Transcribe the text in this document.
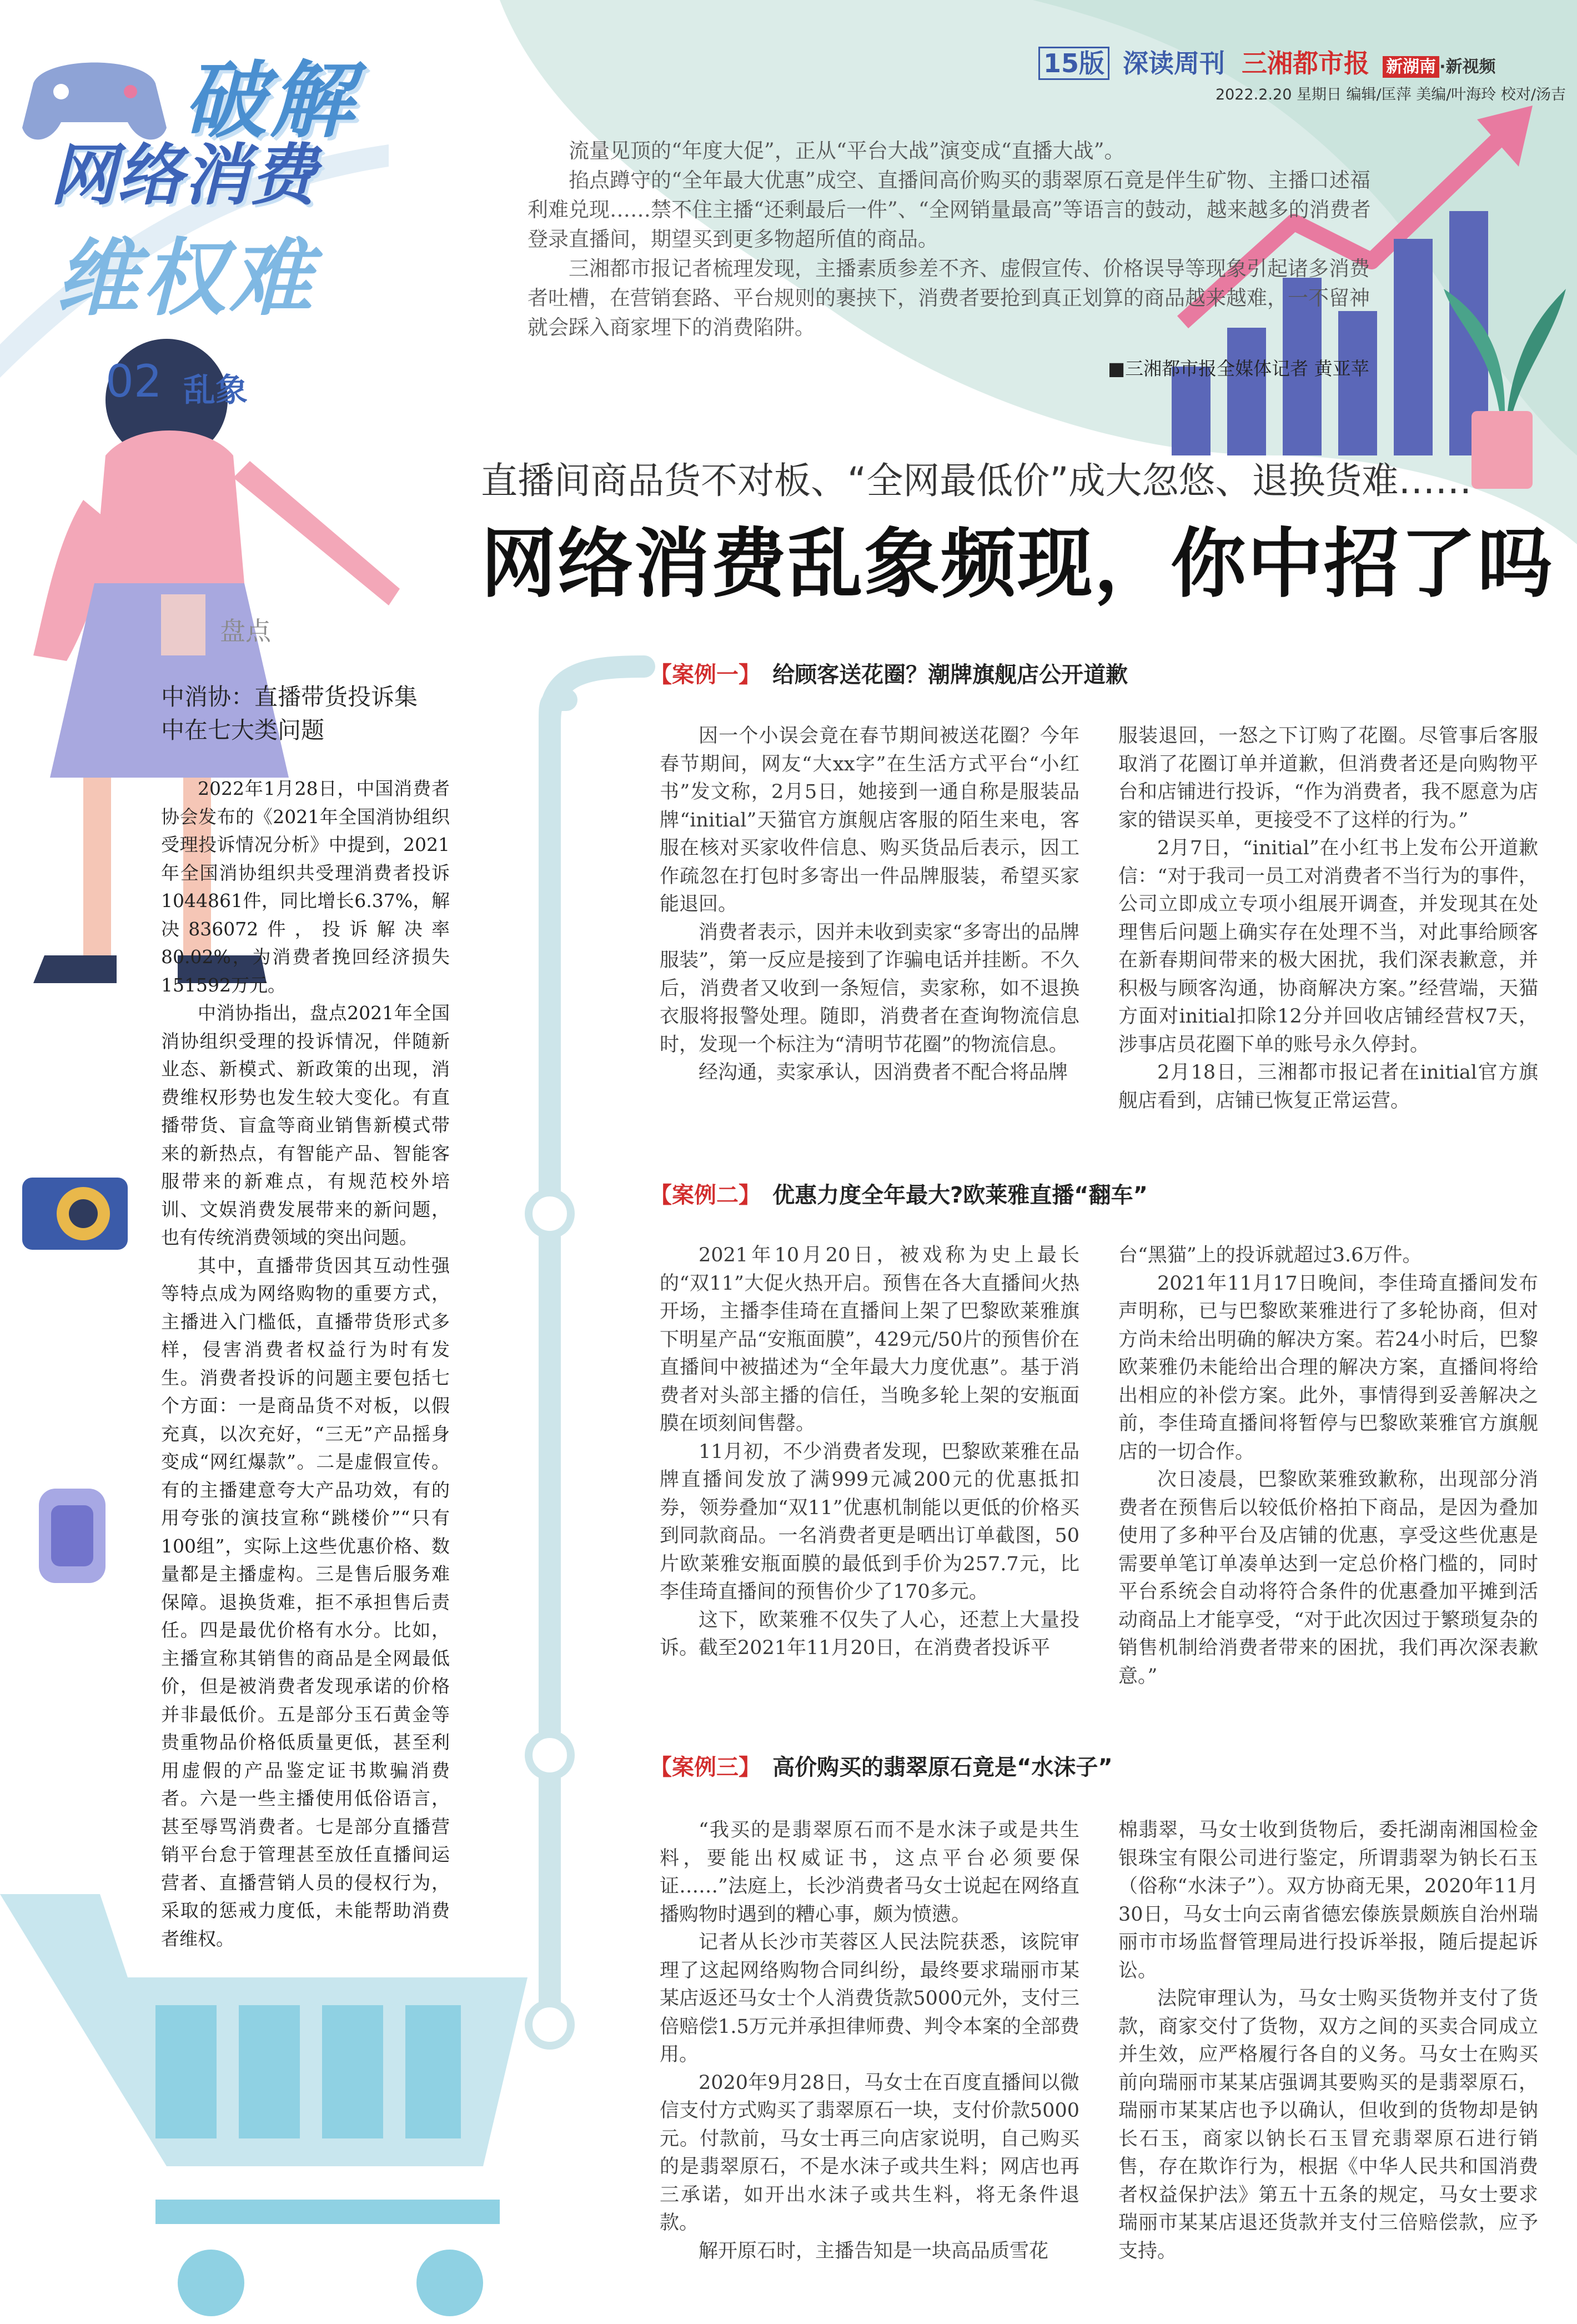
15版 深读周刊 三湘都市报 新湖南 ·新视频
2022.2.20 星期日 编辑/匡萍 美编/叶海玲 校对/汤吉
破解
网络消费
维权难
02 乱象

流量见顶的“年度大促”，正从“平台大战”演变成“直播大战”。

掐点蹲守的“全年最大优惠”成空、直播间高价购买的翡翠原石竟是伴生矿物、主播口述福利难兑现……禁不住主播“还剩最后一件”、“全网销量最高”等语言的鼓动，越来越多的消费者登录直播间，期望买到更多物超所值的商品。

三湘都市报记者梳理发现，主播素质参差不齐、虚假宣传、价格误导等现象引起诸多消费者吐槽，在营销套路、平台规则的裹挟下，消费者要抢到真正划算的商品越来越难，一不留神就会踩入商家埋下的消费陷阱。

■三湘都市报全媒体记者 黄亚苹
直播间商品货不对板、“全网最低价”成大忽悠、退换货难……
网络消费乱象频现，你中招了吗
盘点
中消协：直播带货投诉集中在七大类问题

2022年1月28日，中国消费者协会发布的《2021年全国消协组织受理投诉情况分析》中提到，2021年全国消协组织共受理消费者投诉1044861件，同比增长6.37%，解决836072件，投诉解决率80.02%，为消费者挽回经济损失151592万元。

中消协指出，盘点2021年全国消协组织受理的投诉情况，伴随新业态、新模式、新政策的出现，消费维权形势也发生较大变化。有直播带货、盲盒等商业销售新模式带来的新热点，有智能产品、智能客服带来的新难点，有规范校外培训、文娱消费发展带来的新问题，也有传统消费领域的突出问题。

其中，直播带货因其互动性强等特点成为网络购物的重要方式，主播进入门槛低，直播带货形式多样，侵害消费者权益行为时有发生。消费者投诉的问题主要包括七个方面：一是商品货不对板，以假充真，以次充好，“三无”产品摇身变成“网红爆款”。二是虚假宣传。有的主播建意夸大产品功效，有的用夸张的演技宣称“跳楼价”“只有100组”，实际上这些优惠价格、数量都是主播虚构。三是售后服务难保障。退换货难，拒不承担售后责任。四是最优价格有水分。比如，主播宣称其销售的商品是全网最低价，但是被消费者发现承诺的价格并非最低价。五是部分玉石黄金等贵重物品价格低质量更低，甚至利用虚假的产品鉴定证书欺骗消费者。六是一些主播使用低俗语言，甚至辱骂消费者。七是部分直播营销平台怠于管理甚至放任直播间运营者、直播营销人员的侵权行为，采取的惩戒力度低，未能帮助消费者维权。

【案例一】 给顾客送花圈？潮牌旗舰店公开道歉

因一个小误会竟在春节期间被送花圈？今年春节期间，网友“大xx字”在生活方式平台“小红书”发文称，2月5日，她接到一通自称是服装品牌“initial”天猫官方旗舰店客服的陌生来电，客服在核对买家收件信息、购买货品后表示，因工作疏忽在打包时多寄出一件品牌服装，希望买家能退回。

消费者表示，因并未收到卖家“多寄出的品牌服装”，第一反应是接到了诈骗电话并挂断。不久后，消费者又收到一条短信，卖家称，如不退换衣服将报警处理。随即，消费者在查询物流信息时，发现一个标注为“清明节花圈”的物流信息。

经沟通，卖家承认，因消费者不配合将品牌

服装退回，一怒之下订购了花圈。尽管事后客服取消了花圈订单并道歉，但消费者还是向购物平台和店铺进行投诉，“作为消费者，我不愿意为店家的错误买单，更接受不了这样的行为。”

2月7日，“initial”在小红书上发布公开道歉信：“对于我司一员工对消费者不当行为的事件，公司立即成立专项小组展开调查，并发现其在处理售后问题上确实存在处理不当，对此事给顾客在新春期间带来的极大困扰，我们深表歉意，并积极与顾客沟通，协商解决方案。”经营端，天猫方面对initial扣除12分并回收店铺经营权7天，涉事店员花圈下单的账号永久停封。

2月18日，三湘都市报记者在initial官方旗舰店看到，店铺已恢复正常运营。

【案例二】 优惠力度全年最大?欧莱雅直播“翻车”

2021年10月20日，被戏称为史上最长的“双11”大促火热开启。预售在各大直播间火热开场，主播李佳琦在直播间上架了巴黎欧莱雅旗下明星产品“安瓶面膜”，429元/50片的预售价在直播间中被描述为“全年最大力度优惠”。基于消费者对头部主播的信任，当晚多轮上架的安瓶面膜在顷刻间售罄。

11月初，不少消费者发现，巴黎欧莱雅在品牌直播间发放了满999元减200元的优惠抵扣券，领券叠加“双11”优惠机制能以更低的价格买到同款商品。一名消费者更是晒出订单截图，50片欧莱雅安瓶面膜的最低到手价为257.7元，比李佳琦直播间的预售价少了170多元。

这下，欧莱雅不仅失了人心，还惹上大量投诉。截至2021年11月20日，在消费者投诉平

台“黑猫”上的投诉就超过3.6万件。

2021年11月17日晚间，李佳琦直播间发布声明称，已与巴黎欧莱雅进行了多轮协商，但对方尚未给出明确的解决方案。若24小时后，巴黎欧莱雅仍未能给出合理的解决方案，直播间将给出相应的补偿方案。此外，事情得到妥善解决之前，李佳琦直播间将暂停与巴黎欧莱雅官方旗舰店的一切合作。

次日凌晨，巴黎欧莱雅致歉称，出现部分消费者在预售后以较低价格拍下商品，是因为叠加使用了多种平台及店铺的优惠，享受这些优惠是需要单笔订单凑单达到一定总价格门槛的，同时平台系统会自动将符合条件的优惠叠加平摊到活动商品上才能享受，“对于此次因过于繁琐复杂的销售机制给消费者带来的困扰，我们再次深表歉意。”

【案例三】 高价购买的翡翠原石竟是“水沫子”

“我买的是翡翠原石而不是水沫子或是共生料，要能出权威证书，这点平台必须要保证……”法庭上，长沙消费者马女士说起在网络直播购物时遇到的糟心事，颇为愤懑。

记者从长沙市芙蓉区人民法院获悉，该院审理了这起网络购物合同纠纷，最终要求瑞丽市某某店返还马女士个人消费货款5000元外，支付三倍赔偿1.5万元并承担律师费、判令本案的全部费用。

2020年9月28日，马女士在百度直播间以微信支付方式购买了翡翠原石一块，支付价款5000元。付款前，马女士再三向店家说明，自己购买的是翡翠原石，不是水沫子或共生料；网店也再三承诺，如开出水沫子或共生料，将无条件退款。

解开原石时，主播告知是一块高品质雪花

棉翡翠，马女士收到货物后，委托湖南湘国检金银珠宝有限公司进行鉴定，所谓翡翠为钠长石玉（俗称“水沫子”）。双方协商无果，2020年11月30日，马女士向云南省德宏傣族景颇族自治州瑞丽市市场监督管理局进行投诉举报，随后提起诉讼。

法院审理认为，马女士购买货物并支付了货款，商家交付了货物，双方之间的买卖合同成立并生效，应严格履行各自的义务。马女士在购买前向瑞丽市某某店强调其要购买的是翡翠原石，瑞丽市某某店也予以确认，但收到的货物却是钠长石玉，商家以钠长石玉冒充翡翠原石进行销售，存在欺诈行为，根据《中华人民共和国消费者权益保护法》第五十五条的规定，马女士要求瑞丽市某某店退还货款并支付三倍赔偿款，应予支持。
